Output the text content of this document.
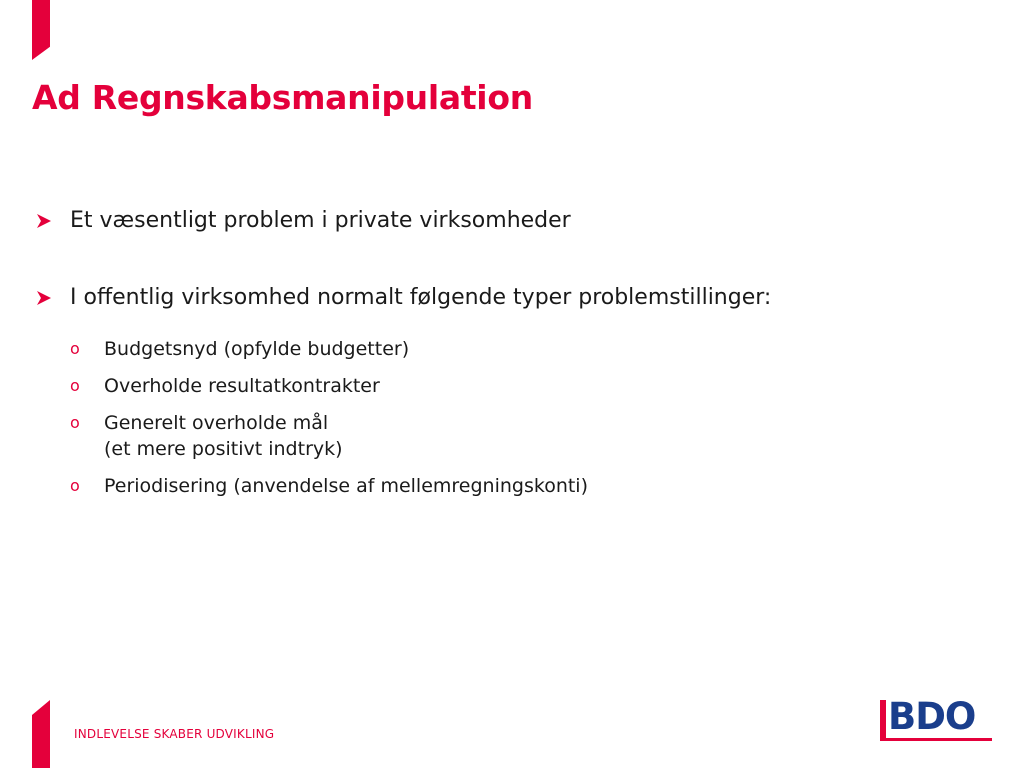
Ad Regnskabsmanipulation
Et væsentligt problem i private virksomheder
I offentlig virksomhed normalt følgende typer problemstillinger:
o	Budgetsnyd (opfylde budgetter)
o	Overholde resultatkontrakter
o	Generelt overholde mål
(et mere positivt indtryk)
o	Periodisering (anvendelse af mellemregningskonti)
INDLEVELSE SKABER UDVIKLING	BDO
